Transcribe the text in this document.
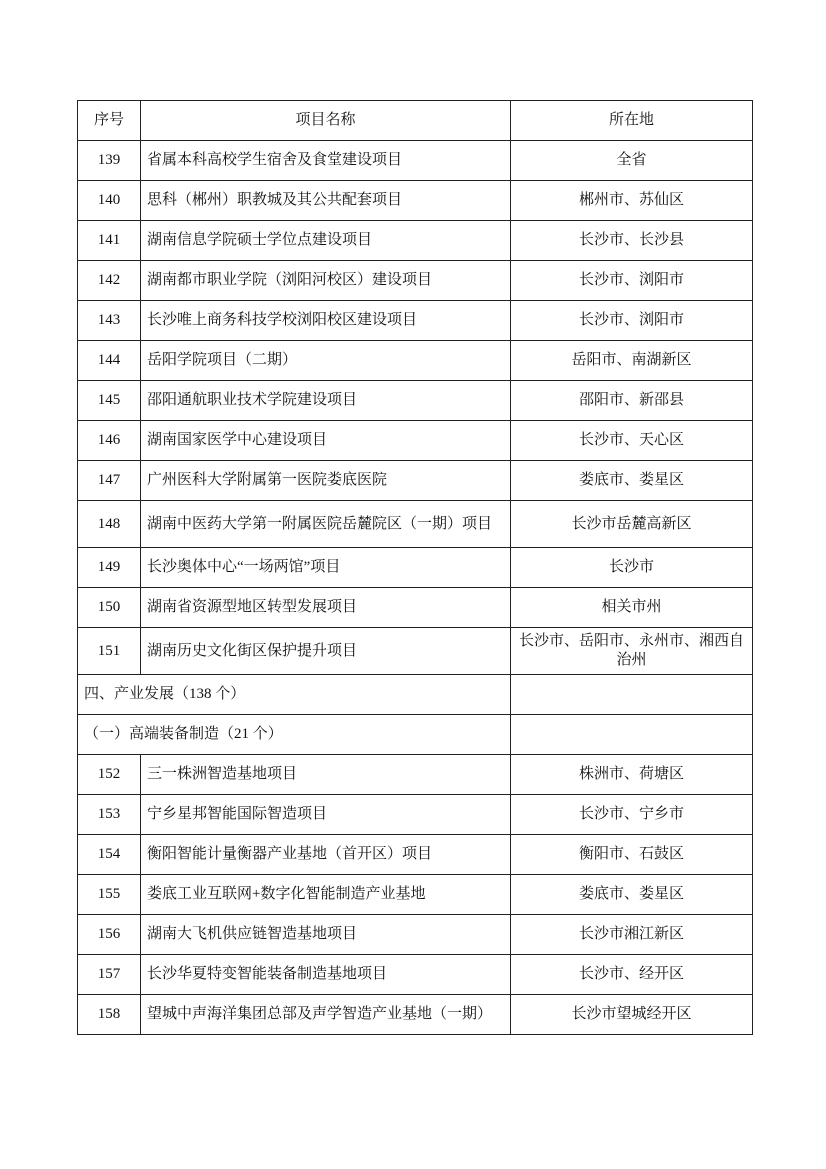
序号	项目名称	所在地
139	省属本科高校学生宿舍及食堂建设项目	全省
140	思科（郴州）职教城及其公共配套项目	郴州市、苏仙区
141	湖南信息学院硕士学位点建设项目	长沙市、长沙县
142	湖南都市职业学院（浏阳河校区）建设项目	长沙市、浏阳市
143	长沙唯上商务科技学校浏阳校区建设项目	长沙市、浏阳市
144	岳阳学院项目（二期）	岳阳市、南湖新区
145	邵阳通航职业技术学院建设项目	邵阳市、新邵县
146	湖南国家医学中心建设项目	长沙市、天心区
147	广州医科大学附属第一医院娄底医院	娄底市、娄星区
148	湖南中医药大学第一附属医院岳麓院区（一期）项目	长沙市岳麓高新区
149	长沙奥体中心“一场两馆”项目	长沙市
150	湖南省资源型地区转型发展项目	相关市州
151	湖南历史文化街区保护提升项目	长沙市、岳阳市、永州市、湘西自治州
四、产业发展（138 个）		
（一）高端装备制造（21 个）		
152	三一株洲智造基地项目	株洲市、荷塘区
153	宁乡星邦智能国际智造项目	长沙市、宁乡市
154	衡阳智能计量衡器产业基地（首开区）项目	衡阳市、石鼓区
155	娄底工业互联网+数字化智能制造产业基地	娄底市、娄星区
156	湖南大飞机供应链智造基地项目	长沙市湘江新区
157	长沙华夏特变智能装备制造基地项目	长沙市、经开区
158	望城中声海洋集团总部及声学智造产业基地（一期）	长沙市望城经开区
